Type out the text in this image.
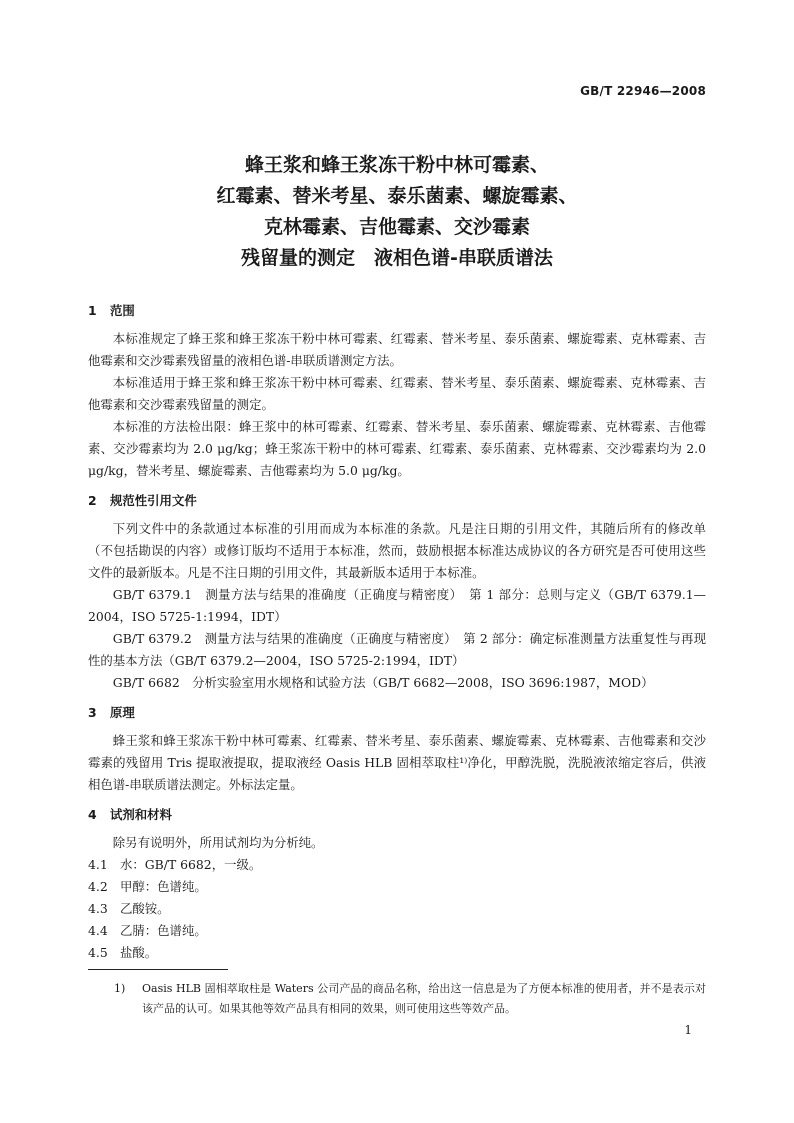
GB/T 22946—2008
蜂王浆和蜂王浆冻干粉中林可霉素、
红霉素、替米考星、泰乐菌素、螺旋霉素、
克林霉素、吉他霉素、交沙霉素
残留量的测定　液相色谱-串联质谱法
1 范围

本标准规定了蜂王浆和蜂王浆冻干粉中林可霉素、红霉素、替米考星、泰乐菌素、螺旋霉素、克林霉素、吉他霉素和交沙霉素残留量的液相色谱-串联质谱测定方法。

本标准适用于蜂王浆和蜂王浆冻干粉中林可霉素、红霉素、替米考星、泰乐菌素、螺旋霉素、克林霉素、吉他霉素和交沙霉素残留量的测定。

本标准的方法检出限：蜂王浆中的林可霉素、红霉素、替米考星、泰乐菌素、螺旋霉素、克林霉素、吉他霉素、交沙霉素均为 2.0 μg/kg；蜂王浆冻干粉中的林可霉素、红霉素、泰乐菌素、克林霉素、交沙霉素均为 2.0 μg/kg，替米考星、螺旋霉素、吉他霉素均为 5.0 μg/kg。

2 规范性引用文件

下列文件中的条款通过本标准的引用而成为本标准的条款。凡是注日期的引用文件，其随后所有的修改单（不包括勘误的内容）或修订版均不适用于本标准，然而，鼓励根据本标准达成协议的各方研究是否可使用这些文件的最新版本。凡是不注日期的引用文件，其最新版本适用于本标准。

GB/T 6379.1　测量方法与结果的准确度（正确度与精密度）　第 1 部分：总则与定义（GB/T 6379.1—2004，ISO 5725-1:1994，IDT）

GB/T 6379.2　测量方法与结果的准确度（正确度与精密度）　第 2 部分：确定标准测量方法重复性与再现性的基本方法（GB/T 6379.2—2004，ISO 5725-2:1994，IDT）

GB/T 6682　分析实验室用水规格和试验方法（GB/T 6682—2008，ISO 3696:1987，MOD）

3 原理

蜂王浆和蜂王浆冻干粉中林可霉素、红霉素、替米考星、泰乐菌素、螺旋霉素、克林霉素、吉他霉素和交沙霉素的残留用 Tris 提取液提取，提取液经 Oasis HLB 固相萃取柱¹⁾净化，甲醇洗脱，洗脱液浓缩定容后，供液相色谱-串联质谱法测定。外标法定量。

4 试剂和材料

除另有说明外，所用试剂均为分析纯。

4.1 水：GB/T 6682，一级。

4.2 甲醇：色谱纯。

4.3 乙酸铵。

4.4 乙腈：色谱纯。

4.5 盐酸。

1)	Oasis HLB 固相萃取柱是 Waters 公司产品的商品名称，给出这一信息是为了方便本标准的使用者，并不是表示对该产品的认可。如果其他等效产品具有相同的效果，则可使用这些等效产品。
1
